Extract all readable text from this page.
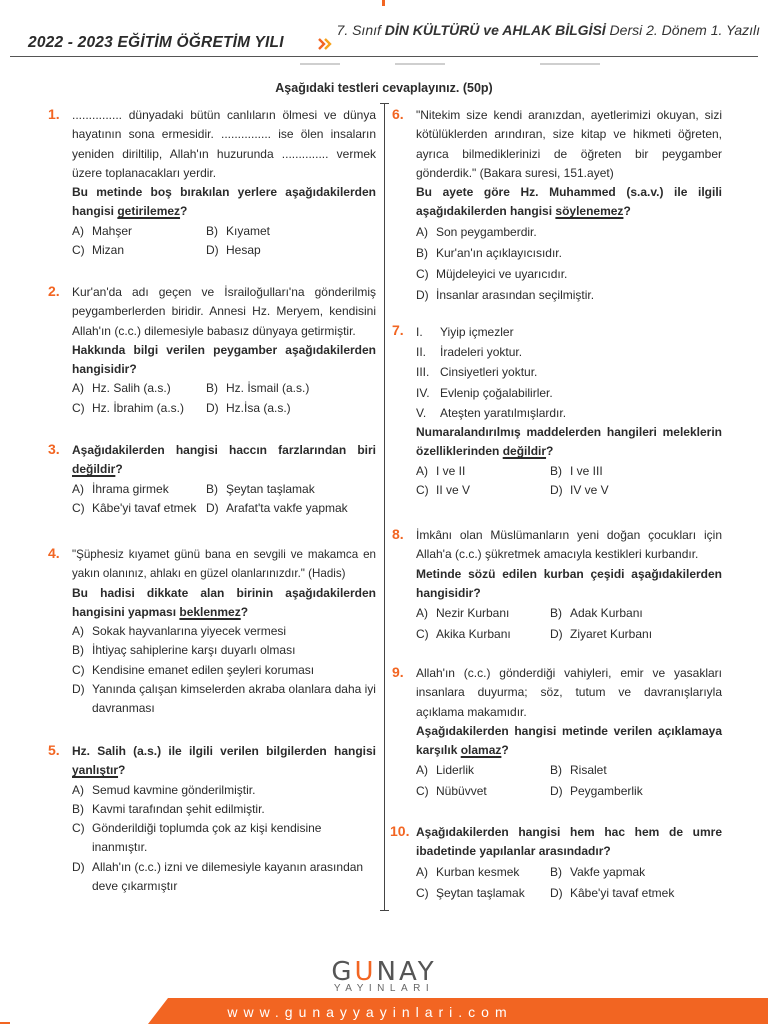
2022 - 2023 EĞİTİM ÖĞRETİM YILI
7. Sınıf DİN KÜLTÜRÜ ve AHLAK BİLGİSİ Dersi 2. Dönem 1. Yazılı
Aşağıdaki testleri cevaplayınız. (50p)
1. ............... dünyadaki bütün canlıların ölmesi ve dünya hayatının sona ermesidir. ............... ise ölen insaların yeniden diriltilip, Allah'ın huzurunda .............. vermek üzere toplanacakları yerdir.

Bu metinde boş bırakılan yerlere aşağıdakilerden hangisi getirilemez?

A) Mahşer	B) Kıyamet
C) Mizan	D) Hesap
2. Kur'an'da adı geçen ve İsrailoğulları'na gönderilmiş peygamberlerden biridir. Annesi Hz. Meryem, kendisini Allah'ın (c.c.) dilemesiyle babasız dünyaya getirmiştir.

Hakkında bilgi verilen peygamber aşağıdakilerden hangisidir?

A) Hz. Salih (a.s.)	B) Hz. İsmail (a.s.)
C) Hz. İbrahim (a.s.) D) Hz.İsa (a.s.)
3. Aşağıdakilerden hangisi haccın farzlarından biri değildir?

A) İhrama girmek	B) Şeytan taşlamak
C) Kâbe'yi tavaf etmek D) Arafat'ta vakfe yapmak
4. "Şüphesiz kıyamet günü bana en sevgili ve makamca en yakın olanınız, ahlakı en güzel olanlarınızdır." (Hadis)

Bu hadisi dikkate alan birinin aşağıdakilerden hangisini yapması beklenmez?

A) Sokak hayvanlarına yiyecek vermesi
B) İhtiyaç sahiplerine karşı duyarlı olması
C) Kendisine emanet edilen şeyleri koruması
D) Yanında çalışan kimselerden akraba olanlara daha iyi davranması
5. Hz. Salih (a.s.) ile ilgili verilen bilgilerden hangisi yanlıştır?

A) Semud kavmine gönderilmiştir.
B) Kavmi tarafından şehit edilmiştir.
C) Gönderildiği toplumda çok az kişi kendisine inanmıştır.
D) Allah'ın (c.c.) izni ve dilemesiyle kayanın arasından deve çıkarmıştır
6. "Nitekim size kendi aranızdan, ayetlerimizi okuyan, sizi kötülüklerden arındıran, size kitap ve hikmeti öğreten, ayrıca bilmediklerinizi de öğreten bir peygamber gönderdik." (Bakara suresi, 151.ayet)

Bu ayete göre Hz. Muhammed (s.a.v.) ile ilgili aşağıdakilerden hangisi söylenemez?

A) Son peygamberdir.
B) Kur'an'ın açıklayıcısıdır.
C) Müjdeleyici ve uyarıcıdır.
D) İnsanlar arasından seçilmiştir.
7. I.	Yiyip içmezler
II.	İradeleri yoktur.
III. Cinsiyetleri yoktur.
IV. Evlenip çoğalabilirler.
V.	Ateşten yaratılmışlardır.

Numaralandırılmış maddelerden hangileri meleklerin özelliklerinden değildir?

A) I ve II	B) I ve III
C) II ve V	D) IV ve V
8. İmkânı olan Müslümanların yeni doğan çocukları için Allah'a (c.c.) şükretmek amacıyla kestikleri kurbandır.

Metinde sözü edilen kurban çeşidi aşağıdakilerden hangisidir?

A) Nezir Kurbanı	B) Adak Kurbanı
C) Akika Kurbanı	D) Ziyaret Kurbanı
9. Allah'ın (c.c.) gönderdiği vahiyleri, emir ve yasakları insanlara duyurma; söz, tutum ve davranışlarıyla açıklama makamıdır.

Aşağıdakilerden hangisi metinde verilen açıklamaya karşılık olamaz?

A) Liderlik	B) Risalet
C) Nübüvvet	D) Peygamberlik
10. Aşağıdakilerden hangisi hem hac hem de umre ibadetinde yapılanlar arasındadır?

A) Kurban kesmek	B) Vakfe yapmak
C) Şeytan taşlamak D) Kâbe'yi tavaf etmek
GUNAY
YAYINLARI
www.gunayyayinlari.com
